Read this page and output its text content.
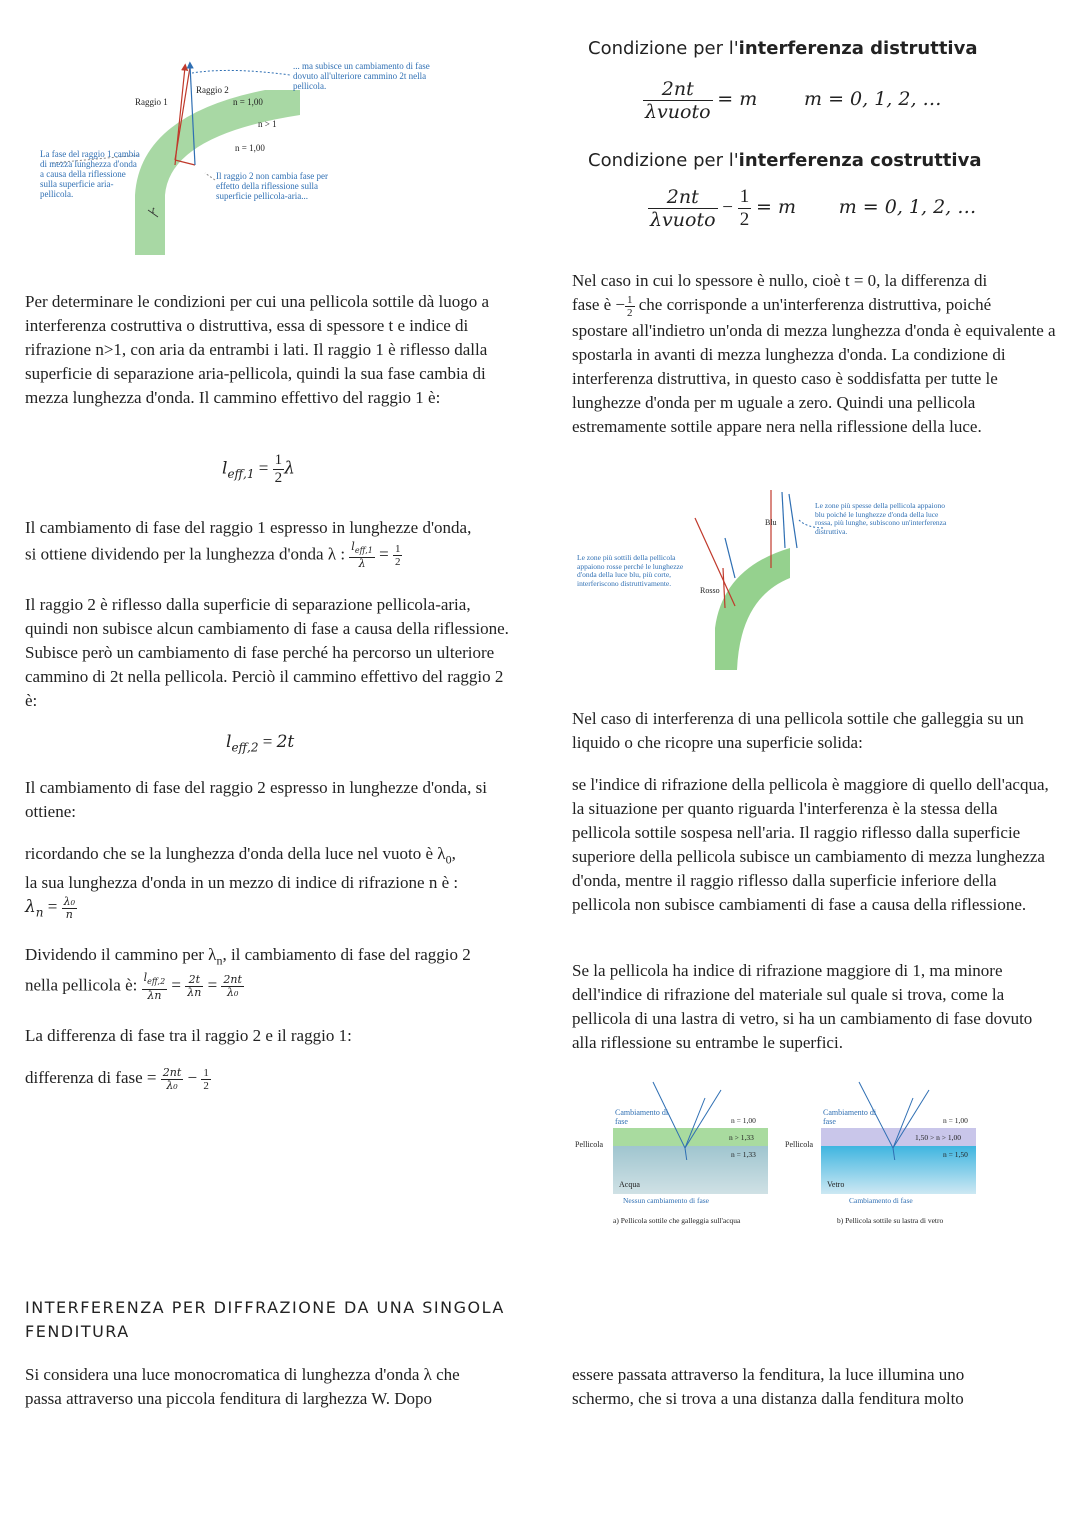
Raggio 1
Raggio 2
n = 1,00
n > 1
n = 1,00
... ma subisce un cambiamento di fase dovuto all'ulteriore cammino 2t nella pellicola.
La fase del raggio 1 cambia di mezza lunghezza d'onda a causa della riflessione sulla superficie aria-pellicola.
Il raggio 2 non cambia fase per effetto della riflessione sulla superficie pellicola-aria...
t
Per determinare le condizioni per cui una pellicola sottile dà luogo a interferenza costruttiva o distruttiva, essa di spessore t e indice di rifrazione n>1, con aria da entrambi i lati. Il raggio 1 è riflesso dalla superficie di separazione aria-pellicola, quindi la sua fase cambia di mezza lunghezza d'onda. Il cammino effettivo del raggio 1 è:
$l_{eff,1} = \frac{1}{2}$ λ
Il cambiamento di fase del raggio 1 espresso in lunghezze d'onda,
si ottiene dividendo per la lunghezza d'onda λ : $\frac{l_{eff,1}}{\lambda} = \frac{1}{2}$
Il raggio 2 è riflesso dalla superficie di separazione pellicola-aria, quindi non subisce alcun cambiamento di fase a causa della riflessione. Subisce però un cambiamento di fase perché ha percorso un ulteriore cammino di 2t nella pellicola. Perciò il cammino effettivo del raggio 2 è:
$l_{eff,2} = 2t$
Il cambiamento di fase del raggio 2 espresso in lunghezze d'onda, si ottiene:
ricordando che se la lunghezza d'onda della luce nel vuoto è $\lambda_0$,
la sua lunghezza d'onda in un mezzo di indice di rifrazione n è :
$\lambda_n = \frac{\text{λ₀}}{n}$
Dividendo il cammino per $\lambda_n$, il cambiamento di fase del raggio 2
nella pellicola è: $\frac{l_{eff,2}}{\lambda n} = \frac{2t}{\lambda n} = \frac{2nt}{\text{λ₀}}$
La differenza di fase tra il raggio 2 e il raggio 1:
differenza di fase = $\frac{2nt}{\text{λ₀}} - \frac{1}{2}$
INTERFERENZA PER DIFFRAZIONE DA UNA SINGOLA FENDITURA
Si considera una luce monocromatica di lunghezza d'onda λ che
passa attraverso una piccola fenditura di larghezza W. Dopo
Condizione per l'interferenza distruttiva
$\frac{2nt}{\text{λvuoto}} = m$ m = 0, 1, 2, …
Condizione per l'interferenza costruttiva
$\frac{2nt}{\text{λvuoto}} - \frac{1}{2} = m$ m = 0, 1, 2, …
Nel caso in cui lo spessore è nullo, cioè t = 0, la differenza di
fase è − $\frac{1}{2}$ che corrisponde a un'interferenza distruttiva, poiché
spostare all'indietro un'onda di mezza lunghezza d'onda è equivalente a spostarla in avanti di mezza lunghezza d'onda. La condizione di interferenza distruttiva, in questo caso è soddisfatta per tutte le lunghezze d'onda per m uguale a zero. Quindi una pellicola estremamente sottile appare nera nella riflessione della luce.
Blu
Rosso
Le zone più spesse della pellicola appaiono blu poiché le lunghezze d'onda della luce rossa, più lunghe, subiscono un'interferenza distruttiva.
Le zone più sottili della pellicola appaiono rosse perché le lunghezze d'onda della luce blu, più corte, interferiscono distruttivamente.
Nel caso di interferenza di una pellicola sottile che galleggia su un liquido o che ricopre una superficie solida:
se l'indice di rifrazione della pellicola è maggiore di quello dell'acqua, la situazione per quanto riguarda l'interferenza è la stessa della pellicola sottile sospesa nell'aria. Il raggio riflesso dalla superficie superiore della pellicola subisce un cambiamento di mezza lunghezza d'onda, mentre il raggio riflesso dalla superficie inferiore della pellicola non subisce cambiamenti di fase a causa della riflessione.
Se la pellicola ha indice di rifrazione maggiore di 1, ma minore dell'indice di rifrazione del materiale sul quale si trova, come la pellicola di una lastra di vetro, si ha un cambiamento di fase dovuto alla riflessione su entrambe le superfici.
Cambiamento di fase
Pellicola
n = 1,00
n > 1,33
n = 1,33
Acqua
Nessun cambiamento di fase
a) Pellicola sottile che galleggia sull'acqua
Cambiamento di fase
Pellicola
n = 1,00
1,50 > n > 1,00
n = 1,50
Vetro
Cambiamento di fase
b) Pellicola sottile su lastra di vetro
essere passata attraverso la fenditura, la luce illumina uno
schermo, che si trova a una distanza dalla fenditura molto
